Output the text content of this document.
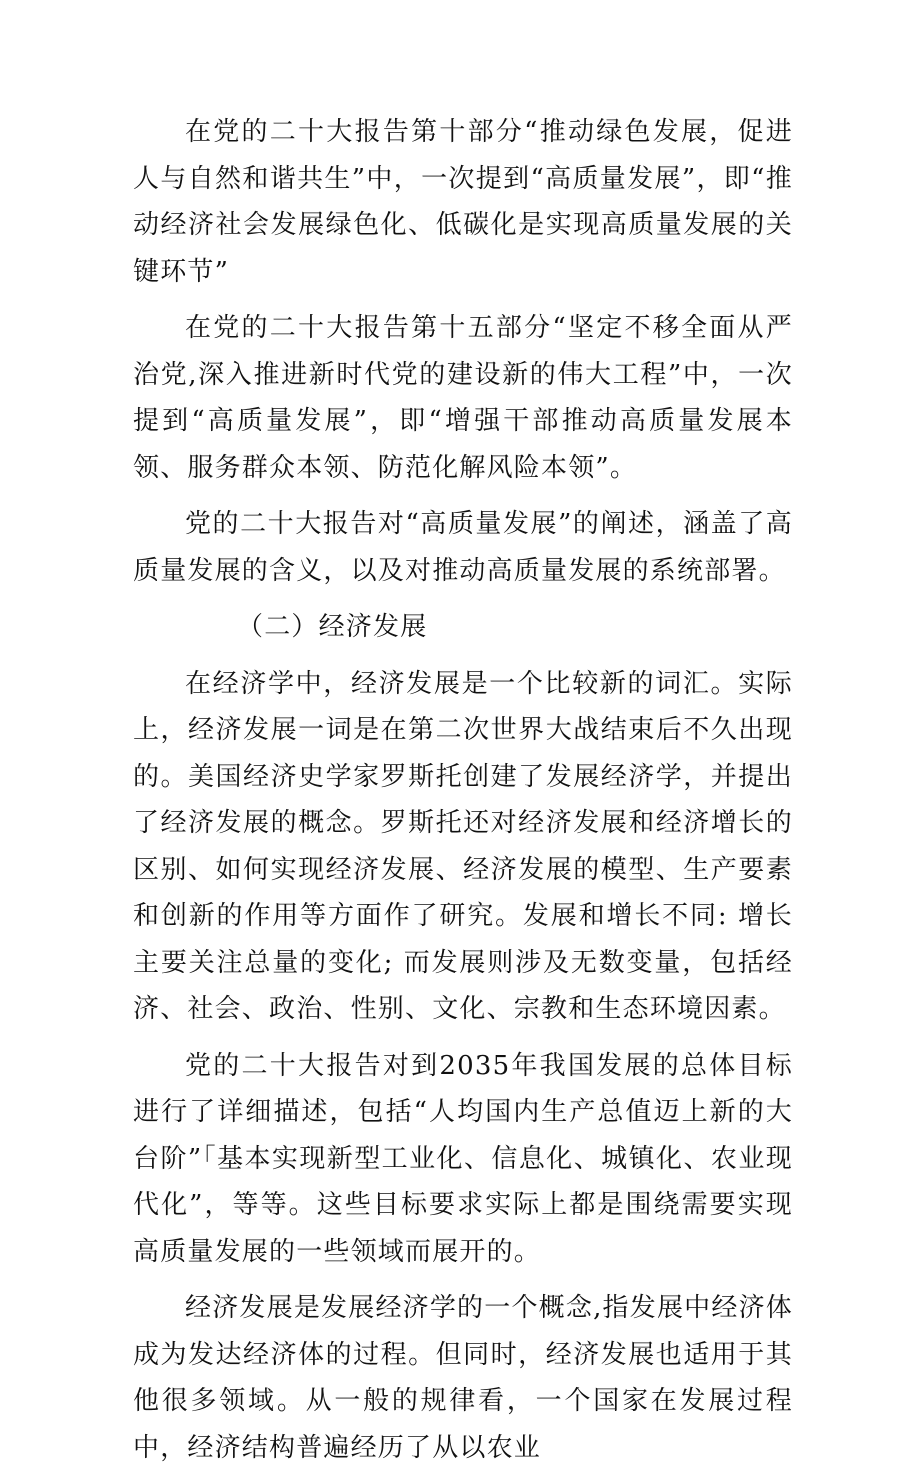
在党的二十大报告第十部分“推动绿色发展，促进人与自然和谐共生”中，一次提到“高质量发展”，即“推动经济社会发展绿色化、低碳化是实现高质量发展的关键环节”

在党的二十大报告第十五部分“坚定不移全面从严治党,深入推进新时代党的建设新的伟大工程”中，一次提到“高质量发展”，即“增强干部推动高质量发展本领、服务群众本领、防范化解风险本领”。

党的二十大报告对“高质量发展”的阐述，涵盖了高质量发展的含义，以及对推动高质量发展的系统部署。

（二）经济发展

在经济学中，经济发展是一个比较新的词汇。实际上，经济发展一词是在第二次世界大战结束后不久出现的。美国经济史学家罗斯托创建了发展经济学，并提出了经济发展的概念。罗斯托还对经济发展和经济增长的区别、如何实现经济发展、经济发展的模型、生产要素和创新的作用等方面作了研究。发展和增长不同: 增长主要关注总量的变化; 而发展则涉及无数变量，包括经济、社会、政治、性别、文化、宗教和生态环境因素。

党的二十大报告对到2035年我国发展的总体目标进行了详细描述，包括“人均国内生产总值迈上新的大台阶”「基本实现新型工业化、信息化、城镇化、农业现代化”，等等。这些目标要求实际上都是围绕需要实现高质量发展的一些领域而展开的。

经济发展是发展经济学的一个概念,指发展中经济体成为发达经济体的过程。但同时，经济发展也适用于其他很多领域。从一般的规律看，一个国家在发展过程中，经济结构普遍经历了从以农业
